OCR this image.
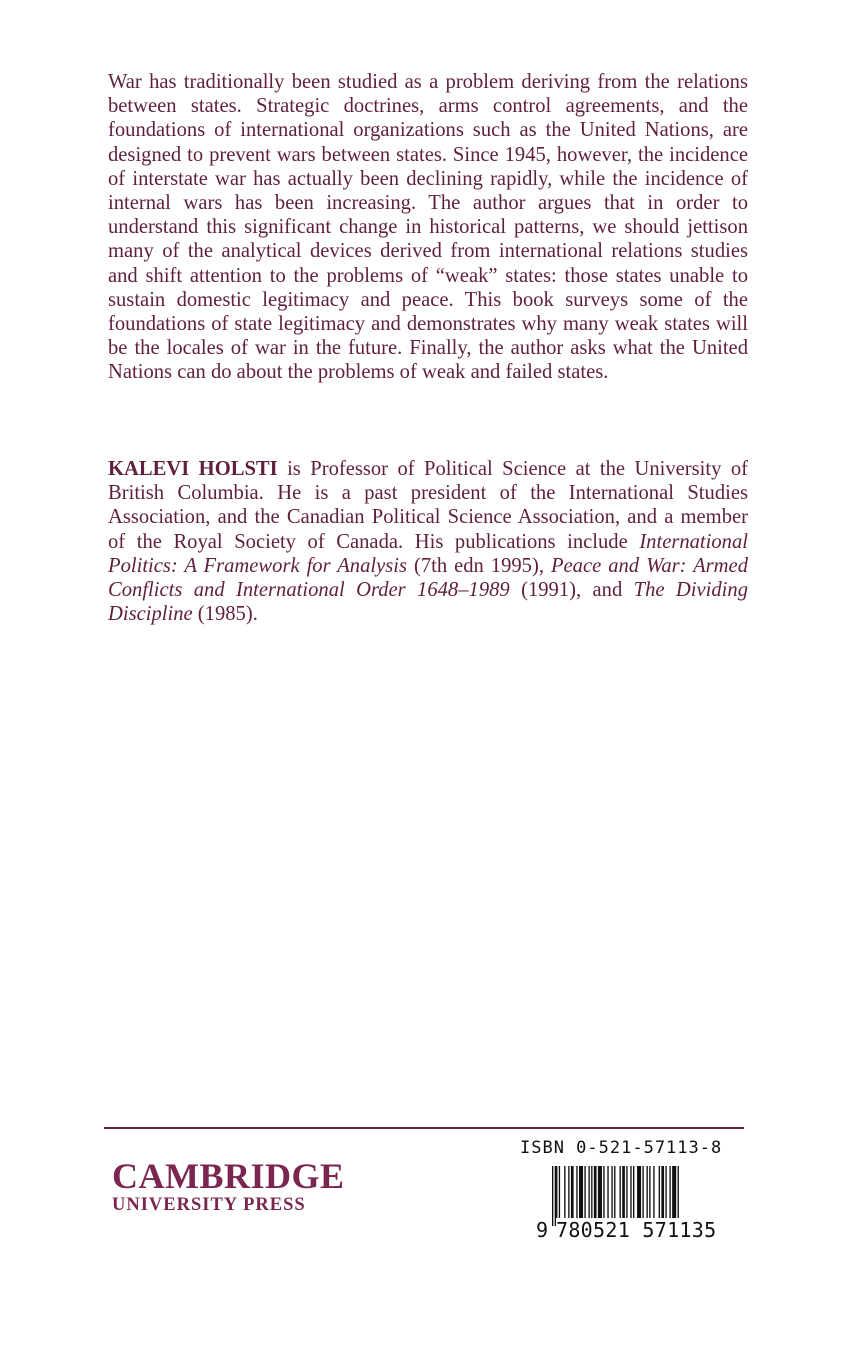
War has traditionally been studied as a problem deriving from the relations between states. Strategic doctrines, arms control agreements, and the foundations of international organizations such as the United Nations, are designed to prevent wars between states. Since 1945, however, the incidence of interstate war has actually been declining rapidly, while the incidence of internal wars has been increasing. The author argues that in order to understand this significant change in historical patterns, we should jettison many of the analytical devices derived from international relations studies and shift attention to the problems of “weak” states: those states unable to sustain domestic legitimacy and peace. This book surveys some of the foundations of state legitimacy and demonstrates why many weak states will be the locales of war in the future. Finally, the author asks what the United Nations can do about the problems of weak and failed states.

KALEVI HOLSTI is Professor of Political Science at the University of British Columbia. He is a past president of the International Studies Association, and the Canadian Political Science Association, and a member of the Royal Society of Canada. His publications include International Politics: A Framework for Analysis (7th edn 1995), Peace and War: Armed Conflicts and International Order 1648–1989 (1991), and The Dividing Discipline (1985).

CAMBRIDGE
UNIVERSITY PRESS
ISBN 0-521-57113-8
9 780521 571135
